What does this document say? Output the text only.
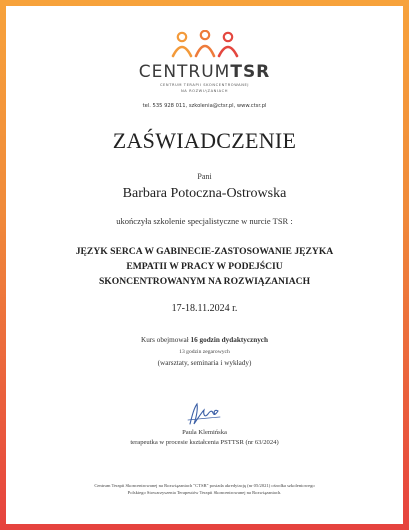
CENTRUMTSR
CENTRUM TERAPII SKONCENTROWANEJ
NA ROZWIĄZANIACH
tel. 535 928 011, szkolenia@ctsr.pl, www.ctsr.pl
ZAŚWIADCZENIE
Pani
Barbara Potoczna-Ostrowska
ukończyła szkolenie specjalistyczne w nurcie TSR :
JĘZYK SERCA W GABINECIE-ZASTOSOWANIE JĘZYKA
EMPATII W PRACY W PODEJŚCIU
SKONCENTROWANYM NA ROZWIĄZANIACH
17-18.11.2024 r.
Kurs obejmował 16 godzin dydaktycznych
13 godzin zegarowych
(warsztaty, seminaria i wykłady)
Paula Klemińska
terapeutka w procesie kształcenia PSTTSR (nr 63/2024)
Centrum Terapii Skoncentrowanej na Rozwiązaniach "CTSR" posiada akredytację (nr 05/2021) ośrodka szkoleniowego
Polskiego Stowarzyszenia Terapeutów Terapii Skoncentrowanej na Rozwiązaniach.
